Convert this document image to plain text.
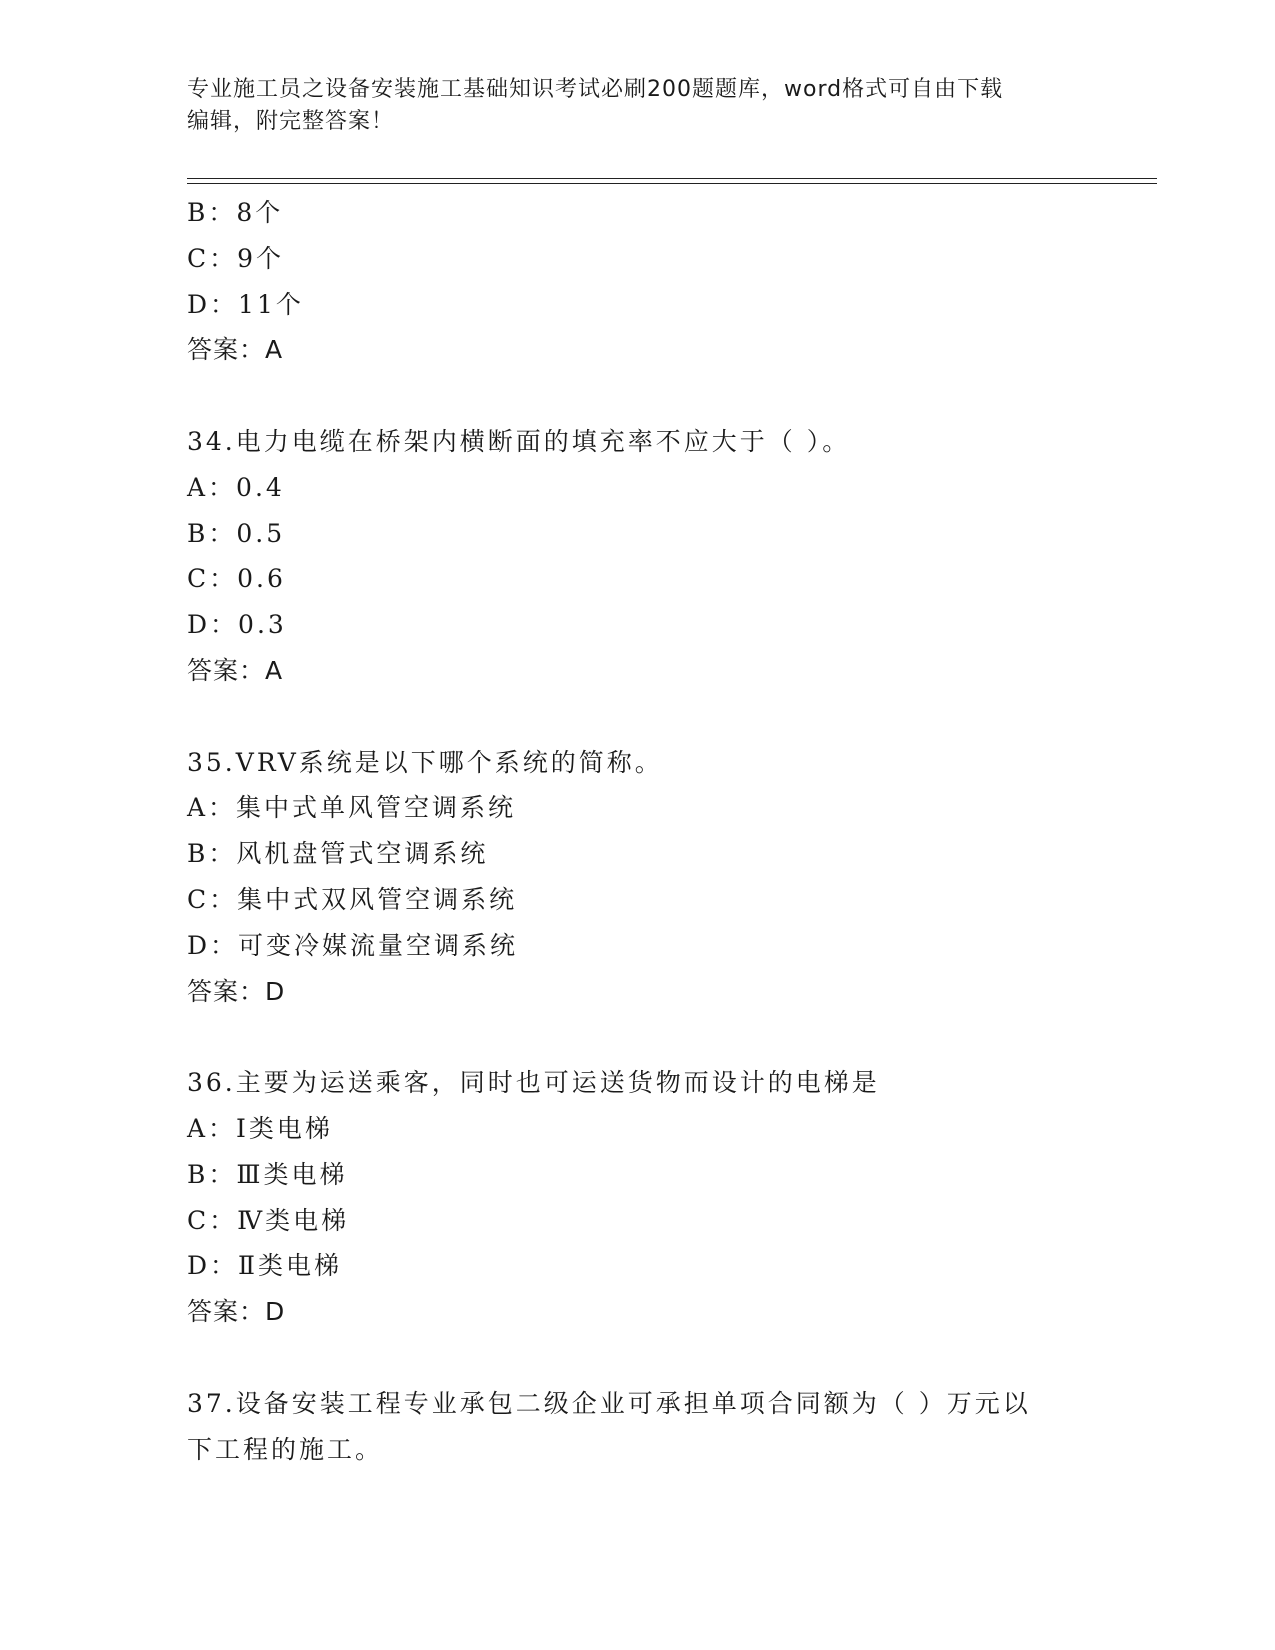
专业施工员之设备安装施工基础知识考试必刷200题题库，word格式可自由下载
编辑，附完整答案！
B：8个
C：9个
D：11个
答案：A
34.电力电缆在桥架内横断面的填充率不应大于（ ）。
A：0.4
B：0.5
C：0.6
D：0.3
答案：A
35.VRV系统是以下哪个系统的简称。
A：集中式单风管空调系统
B：风机盘管式空调系统
C：集中式双风管空调系统
D：可变冷媒流量空调系统
答案：D
36.主要为运送乘客，同时也可运送货物而设计的电梯是
A：Ⅰ类电梯
B：Ⅲ类电梯
C：Ⅳ类电梯
D：Ⅱ类电梯
答案：D
37.设备安装工程专业承包二级企业可承担单项合同额为（ ）万元以
下工程的施工。
